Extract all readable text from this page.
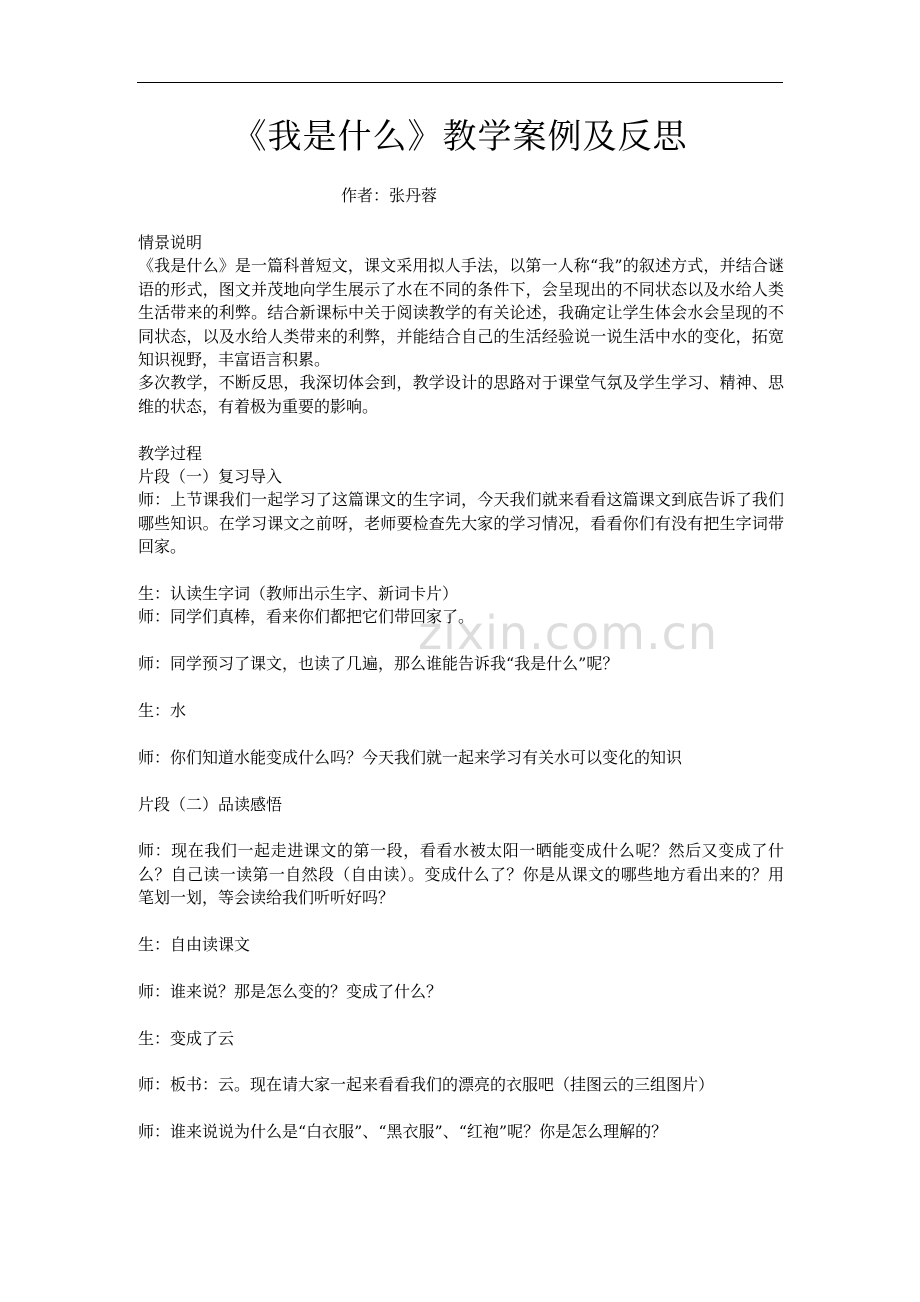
《我是什么》教学案例及反思
作者：张丹蓉
zixin.com.cn

情景说明

《我是什么》是一篇科普短文，课文采用拟人手法，以第一人称“我”的叙述方式，并结合谜语的形式，图文并茂地向学生展示了水在不同的条件下，会呈现出的不同状态以及水给人类生活带来的利弊。结合新课标中关于阅读教学的有关论述，我确定让学生体会水会呈现的不同状态，以及水给人类带来的利弊，并能结合自己的生活经验说一说生活中水的变化，拓宽知识视野，丰富语言积累。

多次教学，不断反思，我深切体会到，教学设计的思路对于课堂气氛及学生学习、精神、思维的状态，有着极为重要的影响。

教学过程

片段（一）复习导入

师：上节课我们一起学习了这篇课文的生字词，今天我们就来看看这篇课文到底告诉了我们哪些知识。在学习课文之前呀，老师要检查先大家的学习情况，看看你们有没有把生字词带回家。

生：认读生字词（教师出示生字、新词卡片）

师：同学们真棒，看来你们都把它们带回家了。

师：同学预习了课文，也读了几遍，那么谁能告诉我“我是什么”呢？

生：水

师：你们知道水能变成什么吗？今天我们就一起来学习有关水可以变化的知识

片段（二）品读感悟

师：现在我们一起走进课文的第一段，看看水被太阳一晒能变成什么呢？然后又变成了什么？自己读一读第一自然段（自由读）。变成什么了？你是从课文的哪些地方看出来的？用笔划一划，等会读给我们听听好吗？

生：自由读课文

师：谁来说？那是怎么变的？变成了什么？

生：变成了云

师：板书：云。现在请大家一起来看看我们的漂亮的衣服吧（挂图云的三组图片）

师：谁来说说为什么是“白衣服”、“黑衣服”、“红袍”呢？你是怎么理解的？
